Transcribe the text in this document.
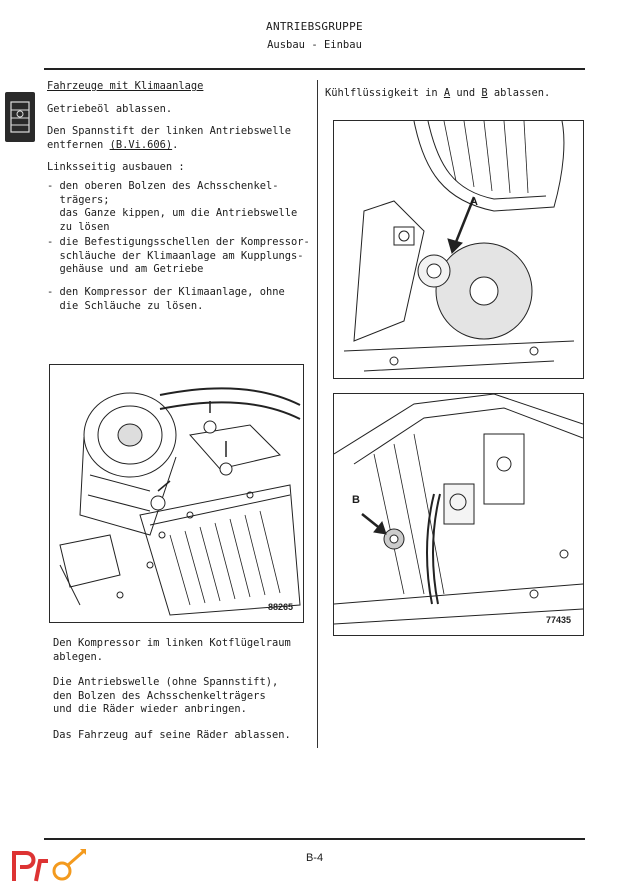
ANTRIEBSGRUPPE
Ausbau - Einbau
Fahrzeuge mit Klimaanlage
Getriebeöl ablassen.
Den Spannstift der linken Antriebswelle
entfernen (B.Vi.606).
Linksseitig ausbauen :
- den oberen Bolzen des Achsschenkel-
trägers;
das Ganze kippen, um die Antriebswelle
zu lösen
- die Befestigungsschellen der Kompressor-
schläuche der Klimaanlage am Kupplungs-
gehäuse und am Getriebe
- den Kompressor der Klimaanlage, ohne
die Schläuche zu lösen.
88265
Den Kompressor im linken Kotflügelraum
ablegen.
Die Antriebswelle (ohne Spannstift),
den Bolzen des Achsschenkelträgers
und die Räder wieder anbringen.
Das Fahrzeug auf seine Räder ablassen.
Kühlflüssigkeit in A und B ablassen.
A
B
77435
B-4
